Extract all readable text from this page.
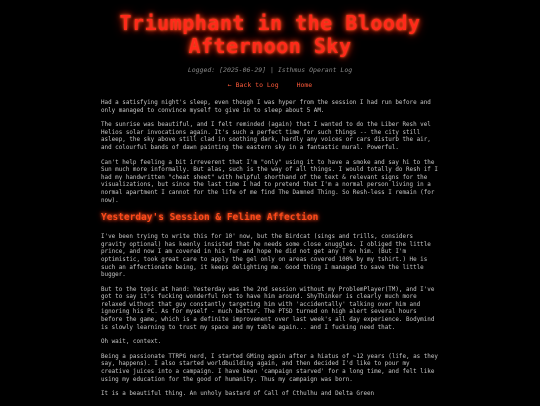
Triumphant in the Bloody
Afternoon Sky
Logged: [2025-06-29] | Isthmus Operant Log
← Back to Log	Home

Had a satisfying night's sleep, even though I was hyper from the session I had run before and only managed to convince myself to give in to sleep about 5 AM.

The sunrise was beautiful, and I felt reminded (again) that I wanted to do the Liber Resh vel Helios solar invocations again. It's such a perfect time for such things -- the city still asleep, the sky above still clad in soothing dark, hardly any voices or cars disturb the air, and colourful bands of dawn painting the eastern sky in a fantastic mural. Powerful.

Can't help feeling a bit irreverent that I'm "only" using it to have a smoke and say hi to the Sun much more informally. But alas, such is the way of all things. I would totally do Resh if I had my handwritten "cheat sheet" with helpful shorthand of the text & relevant signs for the visualizations, but since the last time I had to pretend that I'm a normal person living in a normal apartment I cannot for the life of me find The Damned Thing. So Resh-less I remain (for now).

Yesterday's Session & Feline Affection

I've been trying to write this for 10' now, but the Birdcat (sings and trills, considers gravity optional) has keenly insisted that he needs some close snuggles. I obliged the little prince, and now I am covered in his fur and hope he did not get any T on him. (But I'm optimistic, took great care to apply the gel only on areas covered 100% by my tshirt.) He is such an affectionate being, it keeps delighting me. Good thing I managed to save the little bugger.

But to the topic at hand: Yesterday was the 2nd session without my ProblemPlayer(TM), and I've got to say it's fucking wonderful not to have him around. ShyThinker is clearly much more relaxed without that guy constantly targeting him with 'accidentally' talking over him and ignoring his PC. As for myself - much better. The PTSD turned on high alert several hours before the game, which is a definite improvement over last week's all day experience. Bodymind is slowly learning to trust my space and my table again... and I fucking need that.

Oh wait, context.

Being a passionate TTRPG nerd, I started GMing again after a hiatus of ~12 years (life, as they say, happens). I also started worldbuilding again, and then decided I'd like to pour my creative juices into a campaign. I have been 'campaign starved' for a long time, and felt like using my education for the good of humanity. Thus my campaign was born.

It is a beautiful thing. An unholy bastard of Call of Cthulhu and Delta Green
